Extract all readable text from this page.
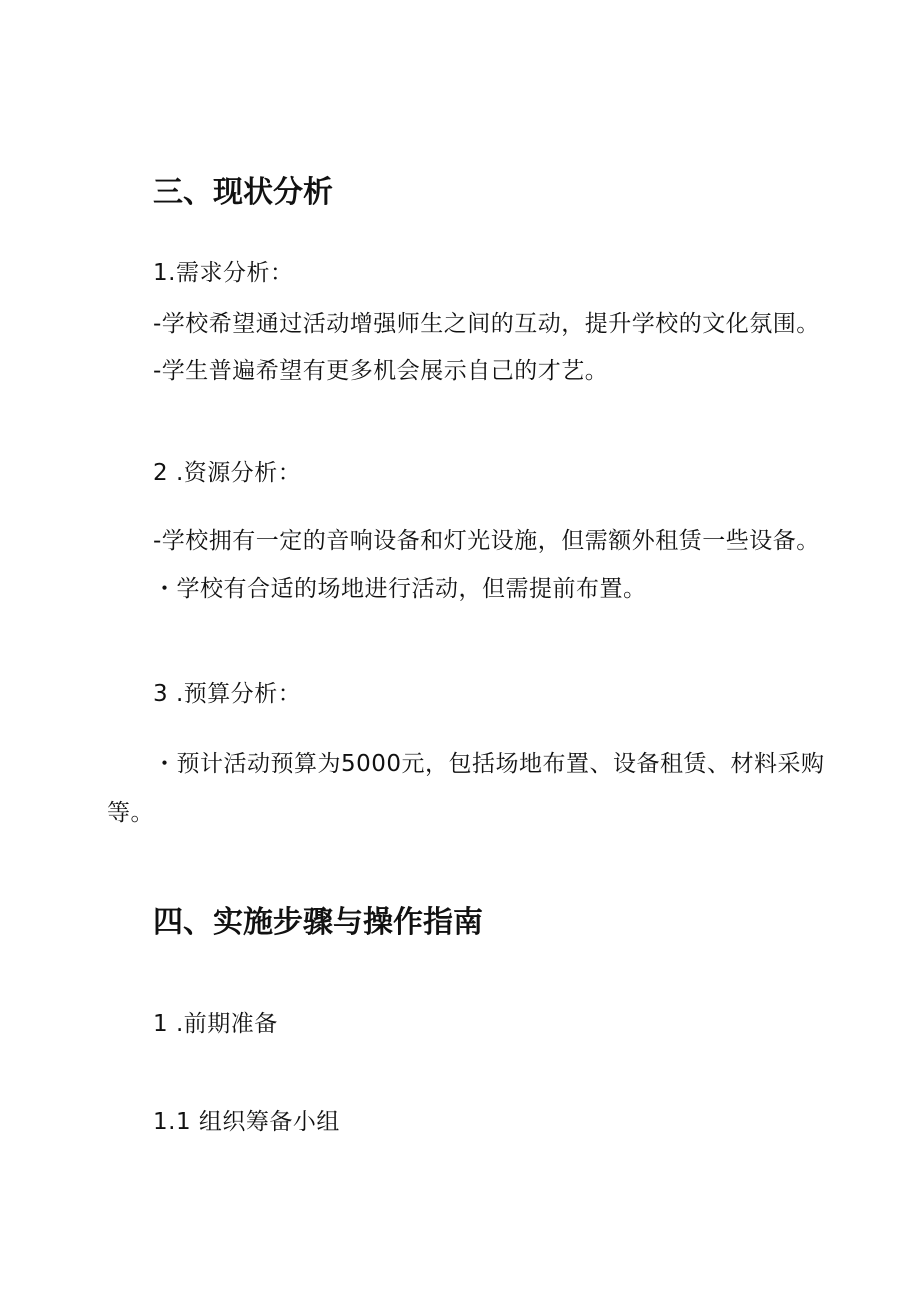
三、现状分析
1.需求分析：
-学校希望通过活动增强师生之间的互动，提升学校的文化氛围。
-学生普遍希望有更多机会展示自己的才艺。
2 .资源分析：
-学校拥有一定的音响设备和灯光设施，但需额外租赁一些设备。
・学校有合适的场地进行活动，但需提前布置。
3 .预算分析：
・预计活动预算为5000元，包括场地布置、设备租赁、材料采购
等。
四、实施步骤与操作指南
1 .前期准备
1.1 组织筹备小组
